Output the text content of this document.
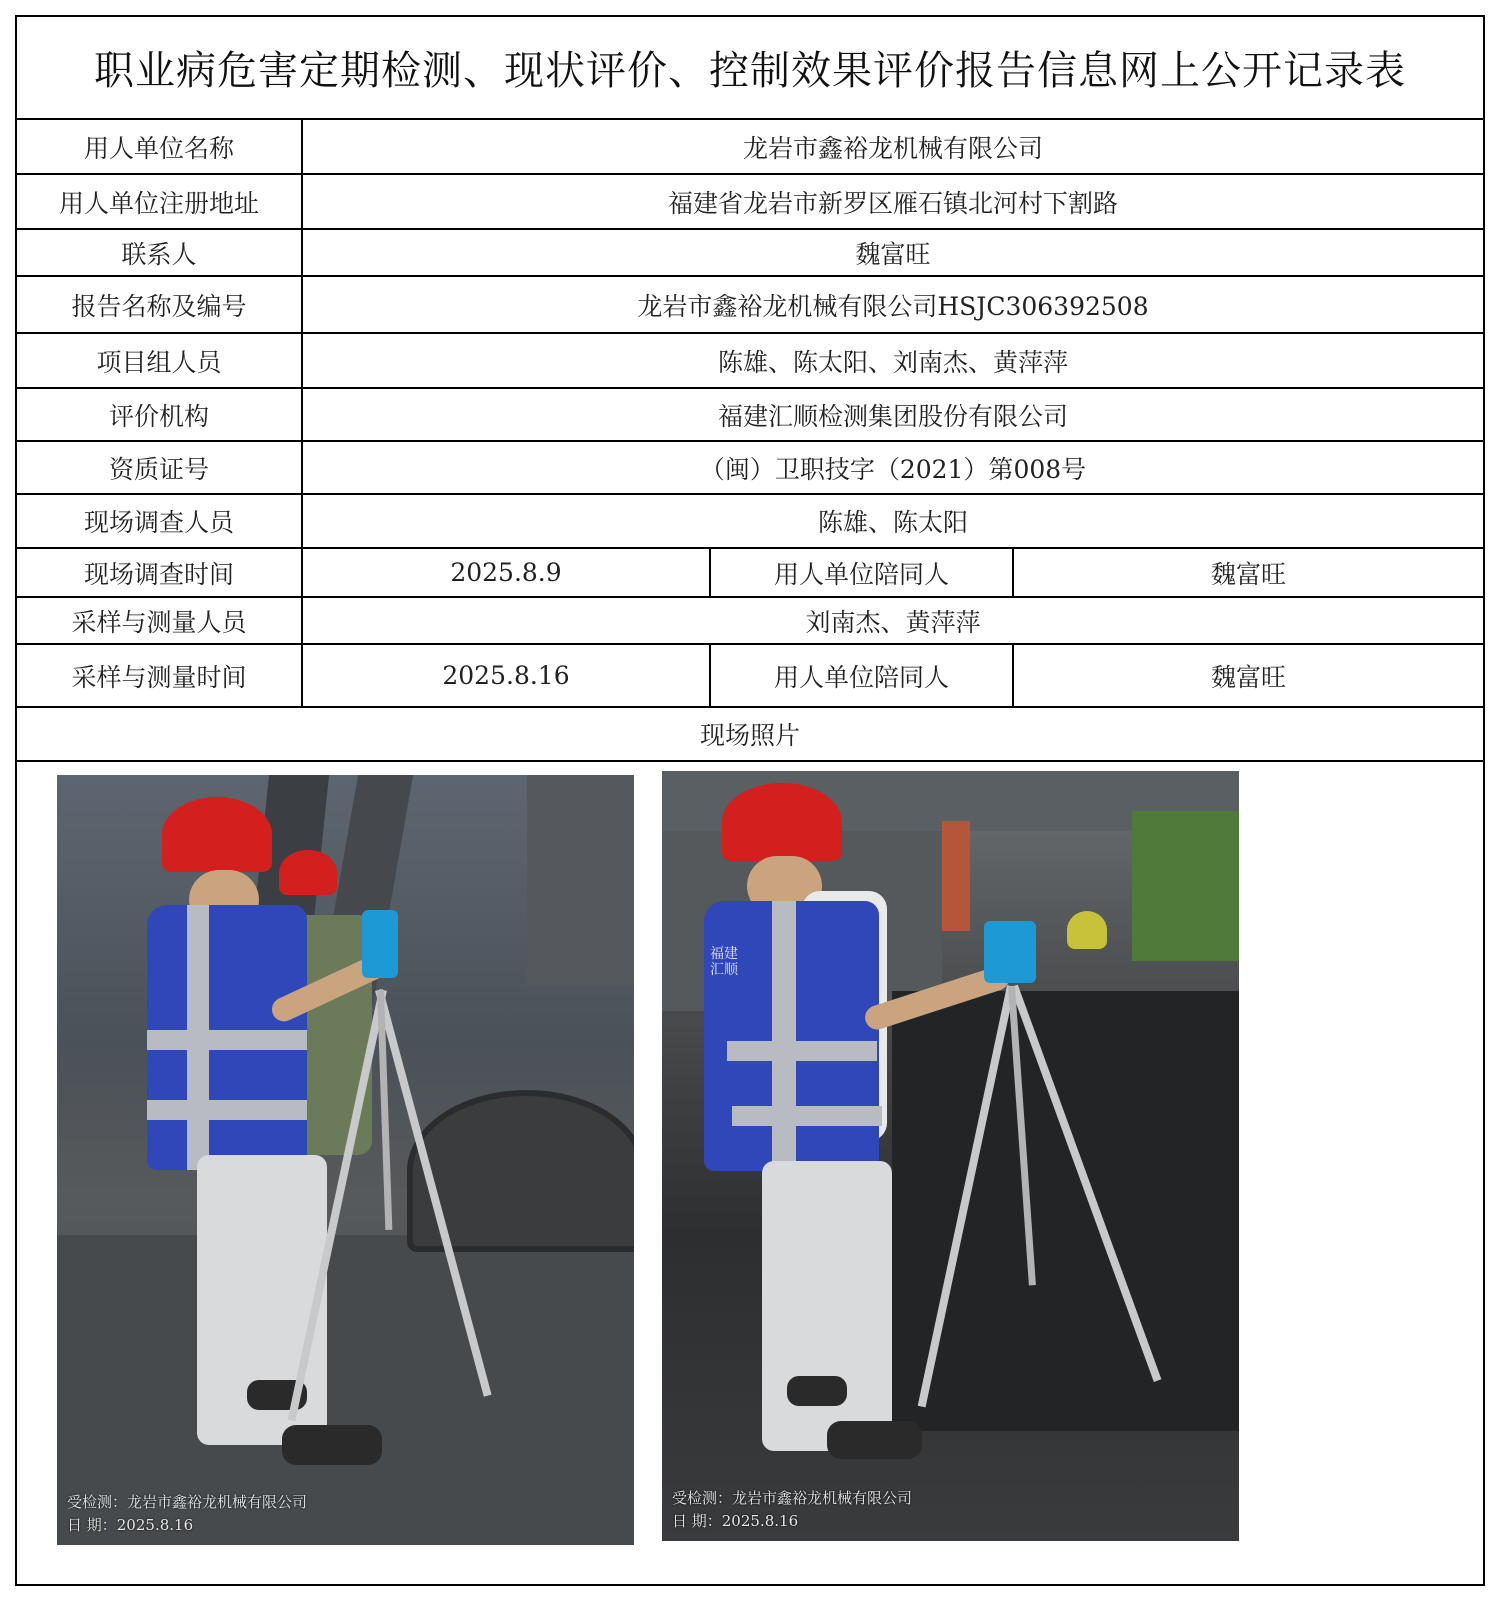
职业病危害定期检测、现状评价、控制效果评价报告信息网上公开记录表
用人单位名称	龙岩市鑫裕龙机械有限公司
用人单位注册地址	福建省龙岩市新罗区雁石镇北河村下割路
联系人	魏富旺
报告名称及编号	龙岩市鑫裕龙机械有限公司HSJC306392508
项目组人员	陈雄、陈太阳、刘南杰、黄萍萍
评价机构	福建汇顺检测集团股份有限公司
资质证号	（闽）卫职技字（2021）第008号
现场调查人员	陈雄、陈太阳
现场调查时间	2025.8.9	用人单位陪同人	魏富旺
采样与测量人员	刘南杰、黄萍萍
采样与测量时间	2025.8.16	用人单位陪同人	魏富旺
现场照片
受检测：龙岩市鑫裕龙机械有限公司
日 期：2025.8.16
福建汇顺
受检测：龙岩市鑫裕龙机械有限公司
日 期：2025.8.16
